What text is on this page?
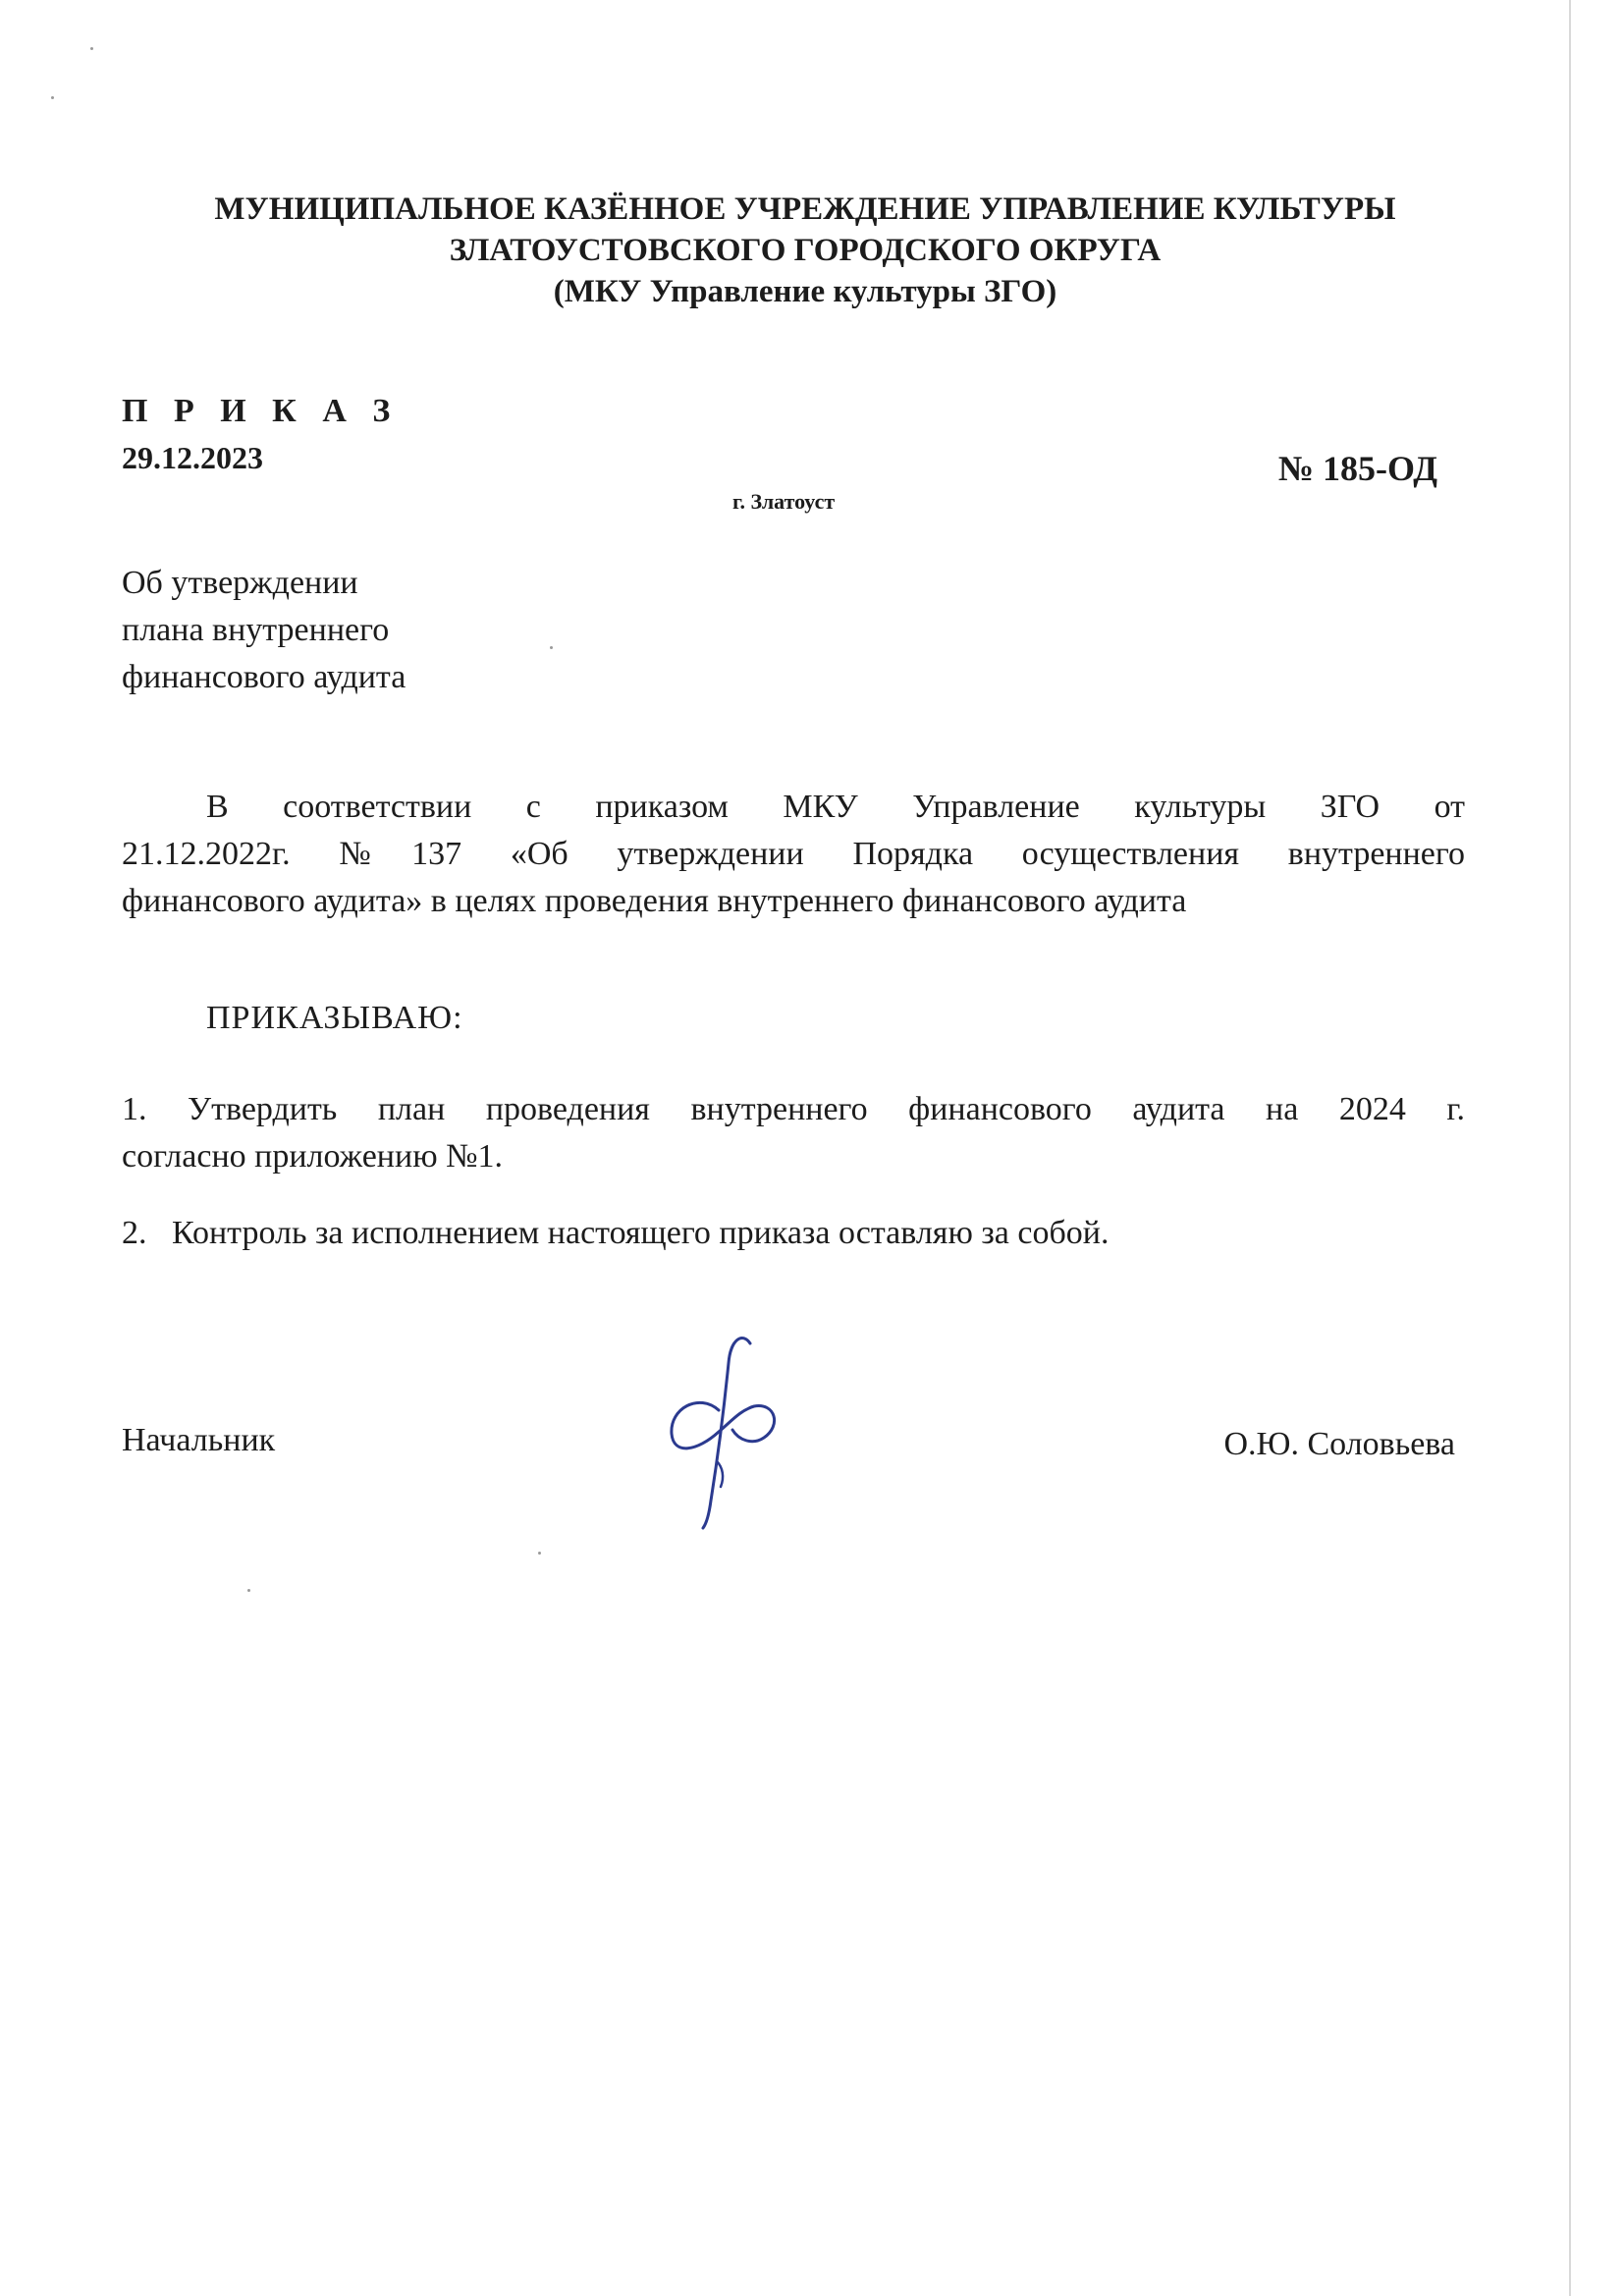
МУНИЦИПАЛЬНОЕ КАЗЁННОЕ УЧРЕЖДЕНИЕ УПРАВЛЕНИЕ КУЛЬТУРЫ
ЗЛАТОУСТОВСКОГО ГОРОДСКОГО ОКРУГА
(МКУ Управление культуры ЗГО)
П Р И К А З
29.12.2023	№ 185-ОД
г. Златоуст
Об утверждении
плана внутреннего
финансового аудита
В соответствии с приказом МКУ Управление культуры ЗГО от
21.12.2022г. №137 «Об утверждении Порядка осуществления внутреннего
финансового аудита» в целях проведения внутреннего финансового аудита
ПРИКАЗЫВАЮ:
1. Утвердить план проведения внутреннего финансового аудита на 2024 г.
согласно приложению №1.
2.   Контроль за исполнением настоящего приказа оставляю за собой.
Начальник	О.Ю. Соловьева
